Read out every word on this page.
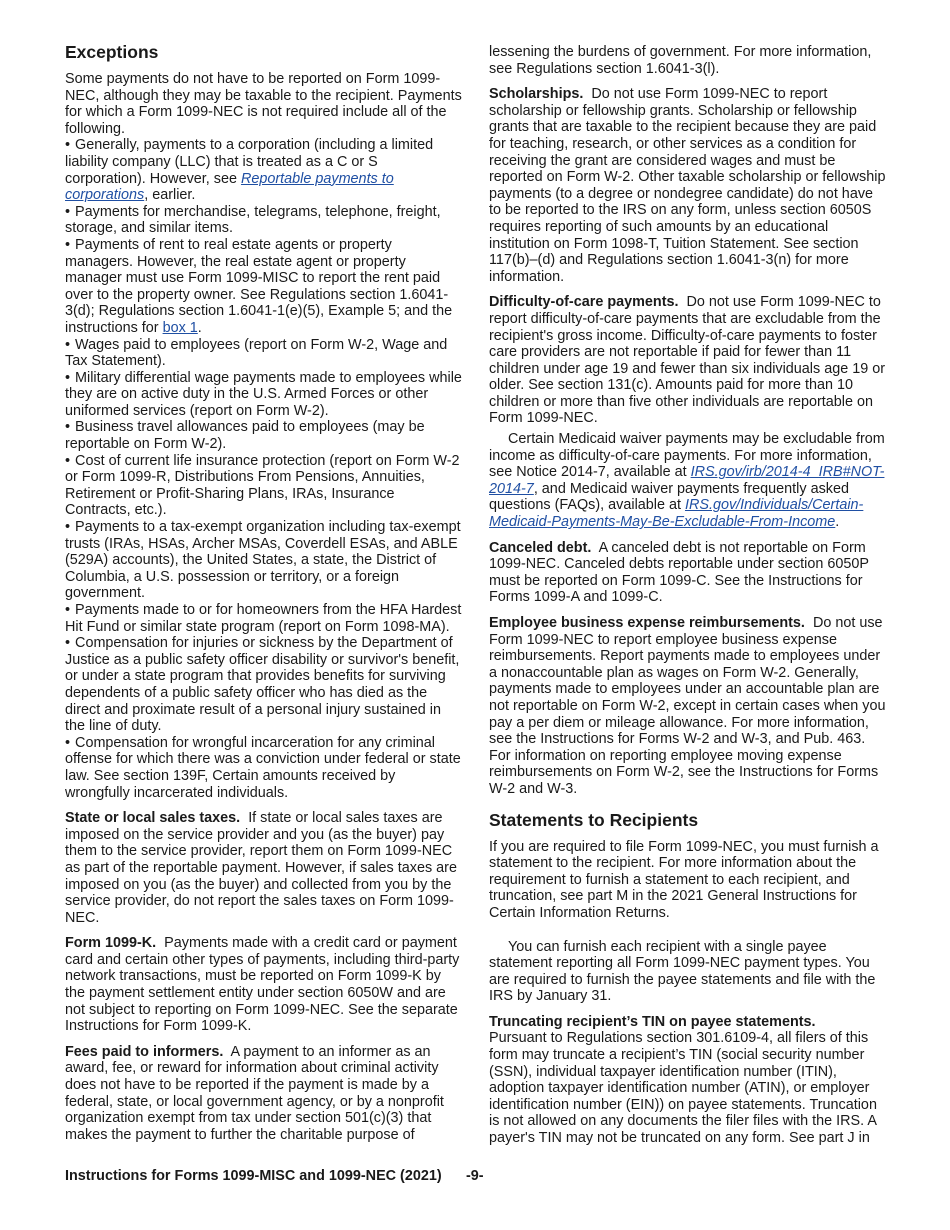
Exceptions

Some payments do not have to be reported on Form 1099-NEC, although they may be taxable to the recipient. Payments for which a Form 1099-NEC is not required include all of the following.

• Generally, payments to a corporation (including a limited liability company (LLC) that is treated as a C or S corporation). However, see Reportable payments to corporations, earlier.

• Payments for merchandise, telegrams, telephone, freight, storage, and similar items.

• Payments of rent to real estate agents or property managers. However, the real estate agent or property manager must use Form 1099-MISC to report the rent paid over to the property owner. See Regulations section 1.6041-3(d); Regulations section 1.6041-1(e)(5), Example 5; and the instructions for box 1.

• Wages paid to employees (report on Form W-2, Wage and Tax Statement).

• Military differential wage payments made to employees while they are on active duty in the U.S. Armed Forces or other uniformed services (report on Form W-2).

• Business travel allowances paid to employees (may be reportable on Form W-2).

• Cost of current life insurance protection (report on Form W-2 or Form 1099-R, Distributions From Pensions, Annuities, Retirement or Profit-Sharing Plans, IRAs, Insurance Contracts, etc.).

• Payments to a tax-exempt organization including tax-exempt trusts (IRAs, HSAs, Archer MSAs, Coverdell ESAs, and ABLE (529A) accounts), the United States, a state, the District of Columbia, a U.S. possession or territory, or a foreign government.

• Payments made to or for homeowners from the HFA Hardest Hit Fund or similar state program (report on Form 1098-MA).

• Compensation for injuries or sickness by the Department of Justice as a public safety officer disability or survivor's benefit, or under a state program that provides benefits for surviving dependents of a public safety officer who has died as the direct and proximate result of a personal injury sustained in the line of duty.

• Compensation for wrongful incarceration for any criminal offense for which there was a conviction under federal or state law. See section 139F, Certain amounts received by wrongfully incarcerated individuals.

State or local sales taxes. If state or local sales taxes are imposed on the service provider and you (as the buyer) pay them to the service provider, report them on Form 1099-NEC as part of the reportable payment. However, if sales taxes are imposed on you (as the buyer) and collected from you by the service provider, do not report the sales taxes on Form 1099-NEC.

Form 1099-K. Payments made with a credit card or payment card and certain other types of payments, including third-party network transactions, must be reported on Form 1099-K by the payment settlement entity under section 6050W and are not subject to reporting on Form 1099-NEC. See the separate Instructions for Form 1099-K.

Fees paid to informers. A payment to an informer as an award, fee, or reward for information about criminal activity does not have to be reported if the payment is made by a federal, state, or local government agency, or by a nonprofit organization exempt from tax under section 501(c)(3) that makes the payment to further the charitable purpose of

lessening the burdens of government. For more information, see Regulations section 1.6041-3(l).

Scholarships. Do not use Form 1099-NEC to report scholarship or fellowship grants. Scholarship or fellowship grants that are taxable to the recipient because they are paid for teaching, research, or other services as a condition for receiving the grant are considered wages and must be reported on Form W-2. Other taxable scholarship or fellowship payments (to a degree or nondegree candidate) do not have to be reported to the IRS on any form, unless section 6050S requires reporting of such amounts by an educational institution on Form 1098-T, Tuition Statement. See section 117(b)–(d) and Regulations section 1.6041-3(n) for more information.

Difficulty-of-care payments. Do not use Form 1099-NEC to report difficulty-of-care payments that are excludable from the recipient's gross income. Difficulty-of-care payments to foster care providers are not reportable if paid for fewer than 11 children under age 19 and fewer than six individuals age 19 or older. See section 131(c). Amounts paid for more than 10 children or more than five other individuals are reportable on Form 1099-NEC.

Certain Medicaid waiver payments may be excludable from income as difficulty-of-care payments. For more information, see Notice 2014-7, available at IRS.gov/irb/2014-4_IRB#NOT-2014-7, and Medicaid waiver payments frequently asked questions (FAQs), available at IRS.gov/Individuals/Certain-Medicaid-Payments-May-Be-Excludable-From-Income.

Canceled debt. A canceled debt is not reportable on Form 1099-NEC. Canceled debts reportable under section 6050P must be reported on Form 1099-C. See the Instructions for Forms 1099-A and 1099-C.

Employee business expense reimbursements. Do not use Form 1099-NEC to report employee business expense reimbursements. Report payments made to employees under a nonaccountable plan as wages on Form W-2. Generally, payments made to employees under an accountable plan are not reportable on Form W-2, except in certain cases when you pay a per diem or mileage allowance. For more information, see the Instructions for Forms W-2 and W-3, and Pub. 463. For information on reporting employee moving expense reimbursements on Form W-2, see the Instructions for Forms W-2 and W-3.

Statements to Recipients

If you are required to file Form 1099-NEC, you must furnish a statement to the recipient. For more information about the requirement to furnish a statement to each recipient, and truncation, see part M in the 2021 General Instructions for Certain Information Returns.

You can furnish each recipient with a single payee statement reporting all Form 1099-NEC payment types. You are required to furnish the payee statements and file with the IRS by January 31.

Truncating recipient’s TIN on payee statements.
Pursuant to Regulations section 301.6109-4, all filers of this form may truncate a recipient’s TIN (social security number (SSN), individual taxpayer identification number (ITIN), adoption taxpayer identification number (ATIN), or employer identification number (EIN)) on payee statements. Truncation is not allowed on any documents the filer files with the IRS. A payer's TIN may not be truncated on any form. See part J in

Instructions for Forms 1099-MISC and 1099-NEC (2021) -9-
